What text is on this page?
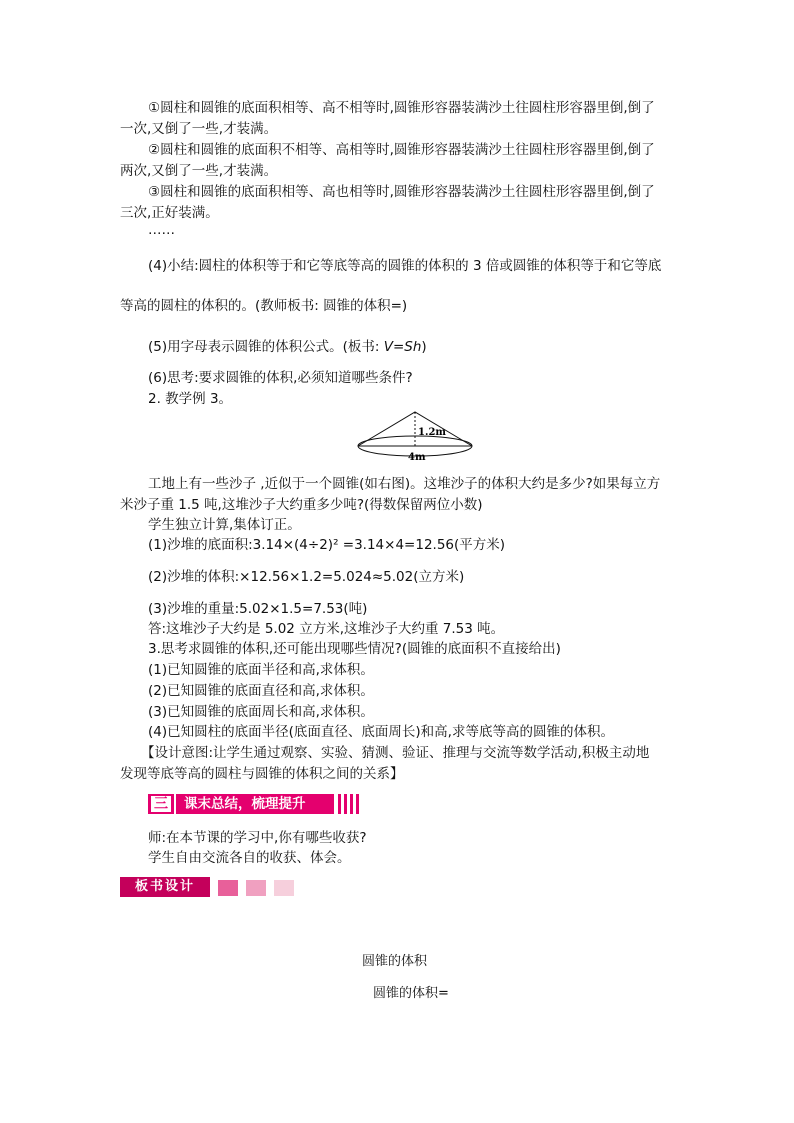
①圆柱和圆锥的底面积相等、高不相等时,圆锥形容器装满沙土往圆柱形容器里倒,倒了
一次,又倒了一些,才装满。
②圆柱和圆锥的底面积不相等、高相等时,圆锥形容器装满沙土往圆柱形容器里倒,倒了
两次,又倒了一些,才装满。
③圆柱和圆锥的底面积相等、高也相等时,圆锥形容器装满沙土往圆柱形容器里倒,倒了
三次,正好装满。
……
(4)小结:圆柱的体积等于和它等底等高的圆锥的体积的 3 倍或圆锥的体积等于和它等底
等高的圆柱的体积的。(教师板书: 圆锥的体积=)
(5)用字母表示圆锥的体积公式。(板书: V=Sh)
(6)思考:要求圆锥的体积,必须知道哪些条件?
2. 教学例 3。
1.2m
4m
工地上有一些沙子 ,近似于一个圆锥(如右图)。这堆沙子的体积大约是多少?如果每立方
米沙子重 1.5 吨,这堆沙子大约重多少吨?(得数保留两位小数)
学生独立计算,集体订正。
(1)沙堆的底面积:3.14×(4÷2)² =3.14×4=12.56(平方米)
(2)沙堆的体积:×12.56×1.2=5.024≈5.02(立方米)
(3)沙堆的重量:5.02×1.5=7.53(吨)
答:这堆沙子大约是 5.02 立方米,这堆沙子大约重 7.53 吨。
3.思考求圆锥的体积,还可能出现哪些情况?(圆锥的底面积不直接给出)
(1)已知圆锥的底面半径和高,求体积。
(2)已知圆锥的底面直径和高,求体积。
(3)已知圆锥的底面周长和高,求体积。
(4)已知圆柱的底面半径(底面直径、底面周长)和高,求等底等高的圆锥的体积。
【设计意图:让学生通过观察、实验、猜测、验证、推理与交流等数学活动,积极主动地
发现等底等高的圆柱与圆锥的体积之间的关系】
三	课末总结，梳理提升
师:在本节课的学习中,你有哪些收获?
学生自由交流各自的收获、体会。
板书设计
圆锥的体积
圆锥的体积=
